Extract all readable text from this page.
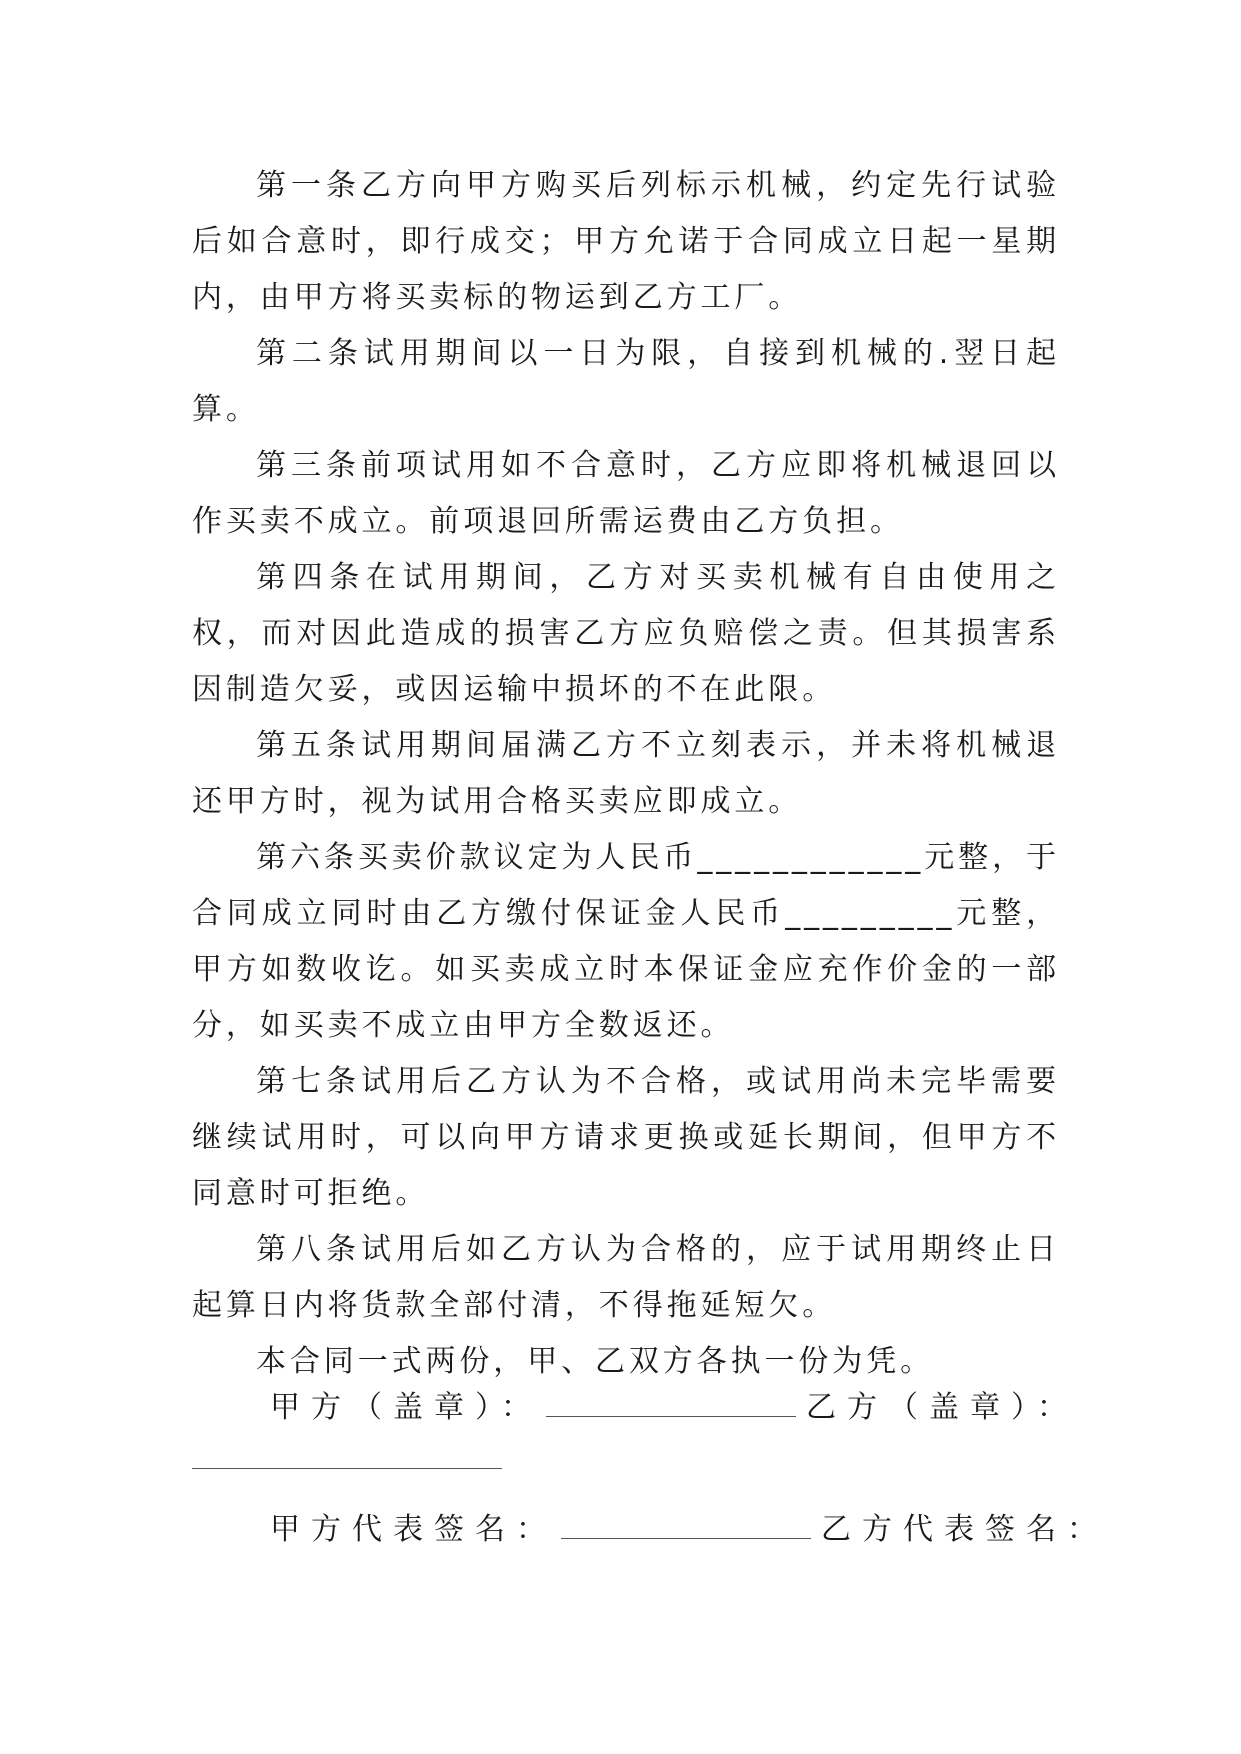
第一条乙方向甲方购买后列标示机械，约定先行试验后如合意时，即行成交；甲方允诺于合同成立日起一星期内，由甲方将买卖标的物运到乙方工厂。

第二条试用期间以一日为限，自接到机械的.翌日起算。

第三条前项试用如不合意时，乙方应即将机械退回以作买卖不成立。前项退回所需运费由乙方负担。

第四条在试用期间，乙方对买卖机械有自由使用之权，而对因此造成的损害乙方应负赔偿之责。但其损害系因制造欠妥，或因运输中损坏的不在此限。

第五条试用期间届满乙方不立刻表示，并未将机械退还甲方时，视为试用合格买卖应即成立。

第六条买卖价款议定为人民币____________元整，于合同成立同时由乙方缴付保证金人民币_________元整，甲方如数收讫。如买卖成立时本保证金应充作价金的一部分，如买卖不成立由甲方全数返还。

第七条试用后乙方认为不合格，或试用尚未完毕需要继续试用时，可以向甲方请求更换或延长期间，但甲方不同意时可拒绝。

第八条试用后如乙方认为合格的，应于试用期终止日起算日内将货款全部付清，不得拖延短欠。

本合同一式两份，甲、乙双方各执一份为凭。

甲方（盖章）：	乙方（盖章）：
甲方代表签名：	乙方代表签名：
